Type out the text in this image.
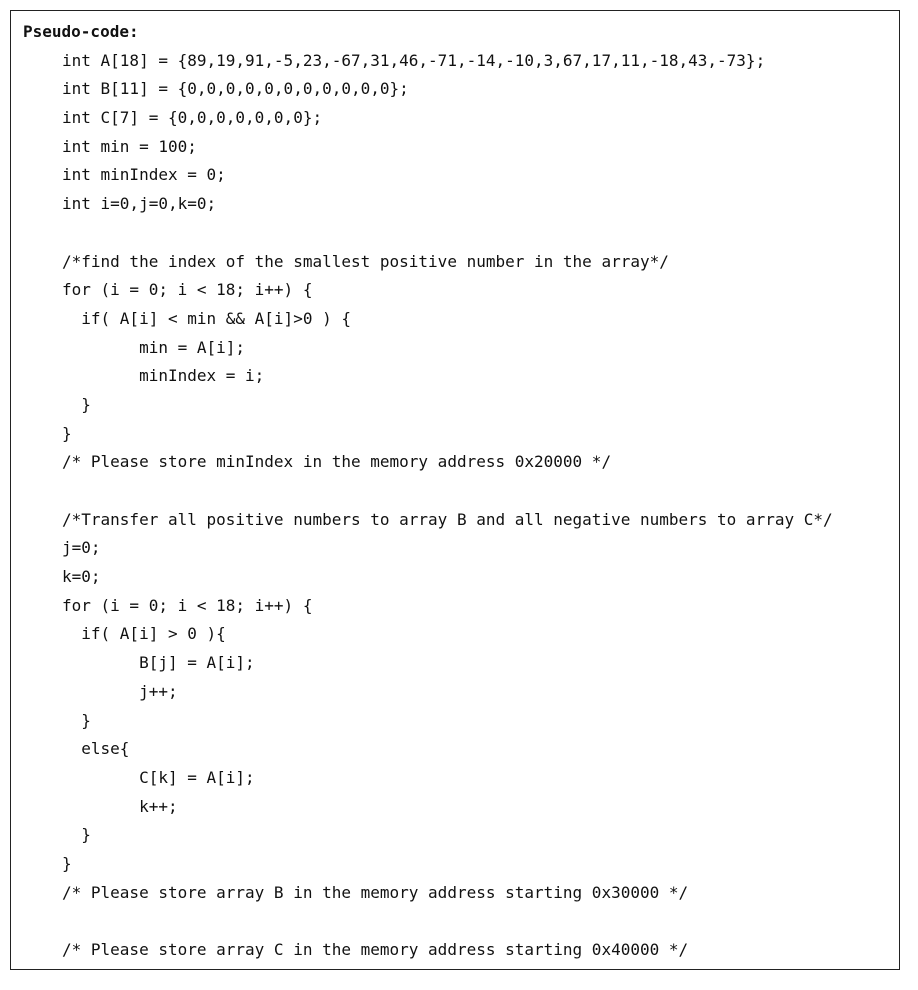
Pseudo-code:
int A[18] = {89,19,91,-5,23,-67,31,46,-71,-14,-10,3,67,17,11,-18,43,-73};
int B[11] = {0,0,0,0,0,0,0,0,0,0,0};
int C[7] = {0,0,0,0,0,0,0};
int min = 100;
int minIndex = 0;
int i=0,j=0,k=0;
/*find the index of the smallest positive number in the array*/
for (i = 0; i < 18; i++) {
if( A[i] < min && A[i]>0 ) {
min = A[i];
minIndex = i;
}
}
/* Please store minIndex in the memory address 0x20000 */
/*Transfer all positive numbers to array B and all negative numbers to array C*/
j=0;
k=0;
for (i = 0; i < 18; i++) {
if( A[i] > 0 ){
B[j] = A[i];
j++;
}
else{
C[k] = A[i];
k++;
}
}
/* Please store array B in the memory address starting 0x30000 */
/* Please store array C in the memory address starting 0x40000 */
